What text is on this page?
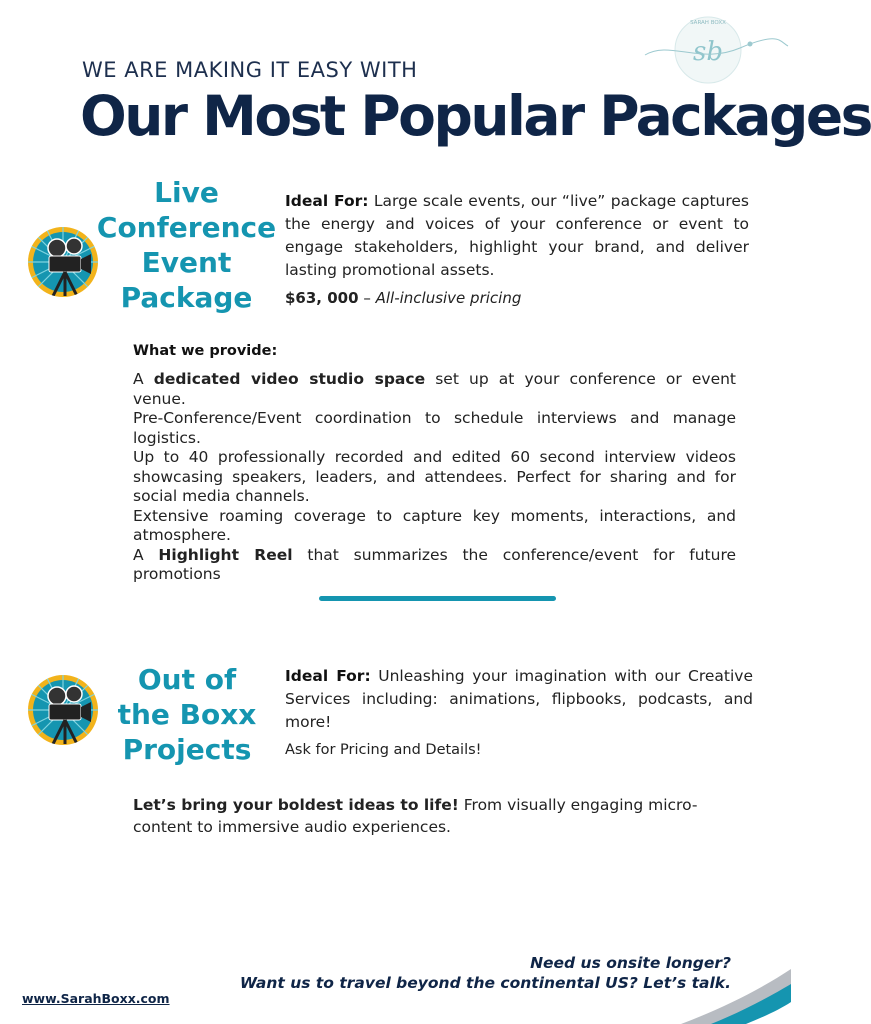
SARAH BOXX
sb
WE ARE MAKING IT EASY WITH
Our Most Popular Packages
Live
Conference
Event
Package
Ideal For: Large scale events, our “live” package captures the energy and voices of your conference or event to engage stakeholders, highlight your brand, and deliver lasting promotional assets.
$63, 000 – All-inclusive pricing
What we provide:

A dedicated video studio space set up at your conference or event venue.

Pre-Conference/Event coordination to schedule interviews and manage logistics.

Up to 40 professionally recorded and edited 60 second interview videos showcasing speakers, leaders, and attendees. Perfect for sharing and for social media channels.

Extensive roaming coverage to capture key moments, interactions, and atmosphere.

A Highlight Reel that summarizes the conference/event for future promotions

Out of
the Boxx
Projects
Ideal For: Unleashing your imagination with our Creative Services including: animations, flipbooks, podcasts, and more!
Ask for Pricing and Details!
Let’s bring your boldest ideas to life! From visually engaging micro-content to immersive audio experiences.
Need us onsite longer?
Want us to travel beyond the continental US? Let’s talk.
www.SarahBoxx.com
